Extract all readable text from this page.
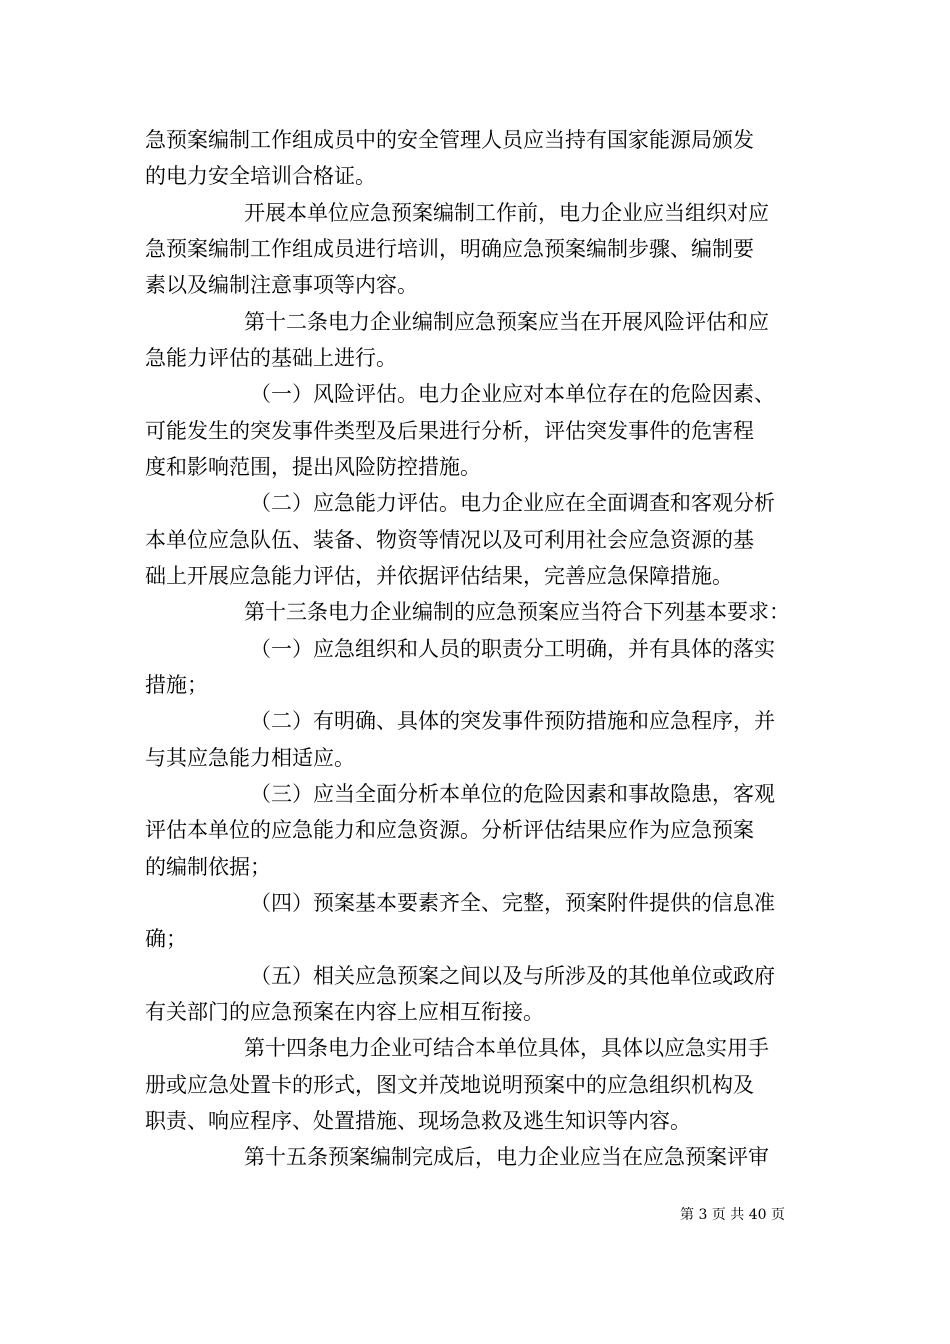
急预案编制工作组成员中的安全管理人员应当持有国家能源局颁发
的电力安全培训合格证。
开展本单位应急预案编制工作前，电力企业应当组织对应
急预案编制工作组成员进行培训，明确应急预案编制步骤、编制要
素以及编制注意事项等内容。
第十二条电力企业编制应急预案应当在开展风险评估和应
急能力评估的基础上进行。
（一）风险评估。电力企业应对本单位存在的危险因素、
可能发生的突发事件类型及后果进行分析，评估突发事件的危害程
度和影响范围，提出风险防控措施。
（二）应急能力评估。电力企业应在全面调查和客观分析
本单位应急队伍、装备、物资等情况以及可利用社会应急资源的基
础上开展应急能力评估，并依据评估结果，完善应急保障措施。
第十三条电力企业编制的应急预案应当符合下列基本要求：
（一）应急组织和人员的职责分工明确，并有具体的落实
措施；
（二）有明确、具体的突发事件预防措施和应急程序，并
与其应急能力相适应。
（三）应当全面分析本单位的危险因素和事故隐患，客观
评估本单位的应急能力和应急资源。分析评估结果应作为应急预案
的编制依据；
（四）预案基本要素齐全、完整，预案附件提供的信息准
确；
（五）相关应急预案之间以及与所涉及的其他单位或政府
有关部门的应急预案在内容上应相互衔接。
第十四条电力企业可结合本单位具体，具体以应急实用手
册或应急处置卡的形式，图文并茂地说明预案中的应急组织机构及
职责、响应程序、处置措施、现场急救及逃生知识等内容。
第十五条预案编制完成后，电力企业应当在应急预案评审
第 3 页 共 40 页
